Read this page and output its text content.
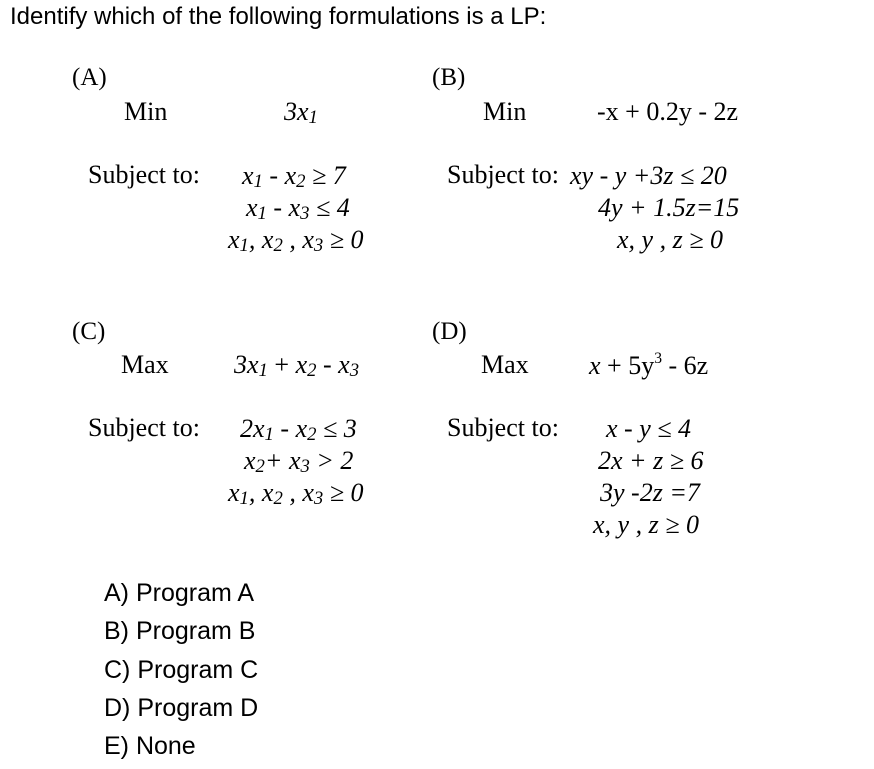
Identify which of the following formulations is a LP:
(A)
Min	3x1
Subject to: x1 - x2 ≥ 7
x1 - x3 ≤ 4
x1, x2 , x3 ≥ 0
(B)
Min	-x + 0.2y - 2z
Subject to: xy - y +3z ≤ 20
4y + 1.5z=15
x, y , z ≥ 0
(C)
Max	3x1 + x2 - x3
Subject to: 2x1 - x2 ≤ 3
x2+ x3 > 2
x1, x2 , x3 ≥ 0
(D)
Max $x + 5y^3 - 6z$
Subject to: x - y ≤ 4
2x + z ≥ 6
3y -2z =7
x, y , z ≥ 0
A) Program A
B) Program B
C) Program C
D) Program D
E) None
